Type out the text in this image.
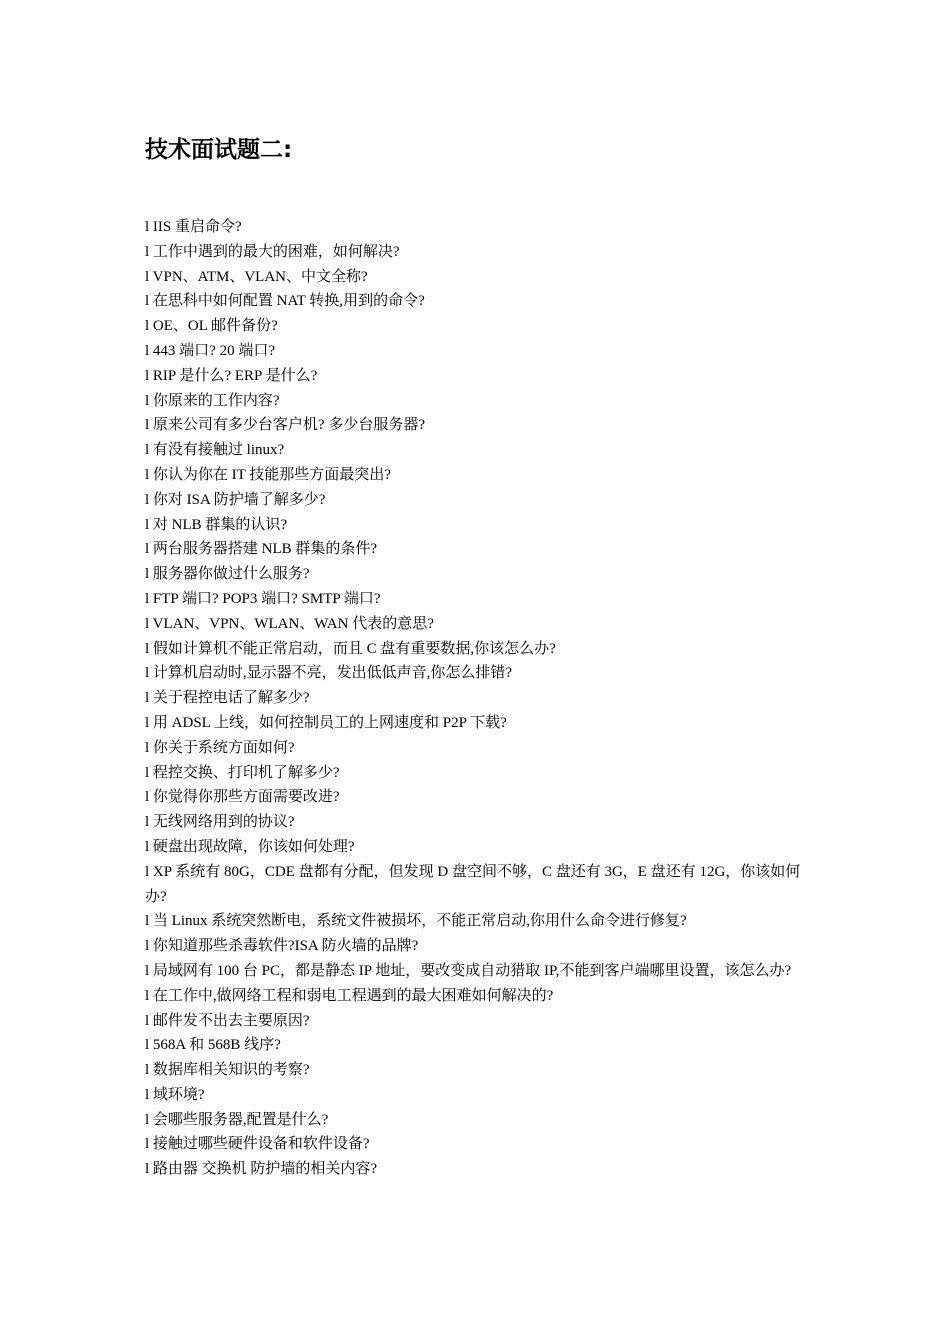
技术面试题二:
l IIS 重启命令?
l 工作中遇到的最大的困难，如何解决?
l VPN、ATM、VLAN、中文全称?
l 在思科中如何配置 NAT 转换,用到的命令?
l OE、OL 邮件备份?
l 443 端口? 20 端口?
l RIP 是什么? ERP 是什么?
l 你原来的工作内容?
l 原来公司有多少台客户机? 多少台服务器?
l 有没有接触过 linux?
l 你认为你在 IT 技能那些方面最突出?
l 你对 ISA 防护墙了解多少?
l 对 NLB 群集的认识?
l 两台服务器搭建 NLB 群集的条件?
l 服务器你做过什么服务?
l FTP 端口? POP3 端口? SMTP 端口?
l VLAN、VPN、WLAN、WAN 代表的意思?
l 假如计算机不能正常启动，而且 C 盘有重要数据,你该怎么办?
l 计算机启动时,显示器不亮，发出低低声音,你怎么排错?
l 关于程控电话了解多少?
l 用 ADSL 上线，如何控制员工的上网速度和 P2P 下载?
l 你关于系统方面如何?
l 程控交换、打印机了解多少?
l 你觉得你那些方面需要改进?
l 无线网络用到的协议?
l 硬盘出现故障，你该如何处理?
l XP 系统有 80G，CDE 盘都有分配，但发现 D 盘空间不够，C 盘还有 3G，E 盘还有 12G，你该如何办?
l 当 Linux 系统突然断电，系统文件被损坏，不能正常启动,你用什么命令进行修复?
l 你知道那些杀毒软件?ISA 防火墙的品牌?
l 局域网有 100 台 PC，都是静态 IP 地址，要改变成自动猎取 IP,不能到客户端哪里设置，该怎么办?
l 在工作中,做网络工程和弱电工程遇到的最大困难如何解决的?
l 邮件发不出去主要原因?
l 568A 和 568B 线序?
l 数据库相关知识的考察?
l 域环境?
l 会哪些服务器,配置是什么?
l 接触过哪些硬件设备和软件设备?
l 路由器 交换机 防护墙的相关内容?
